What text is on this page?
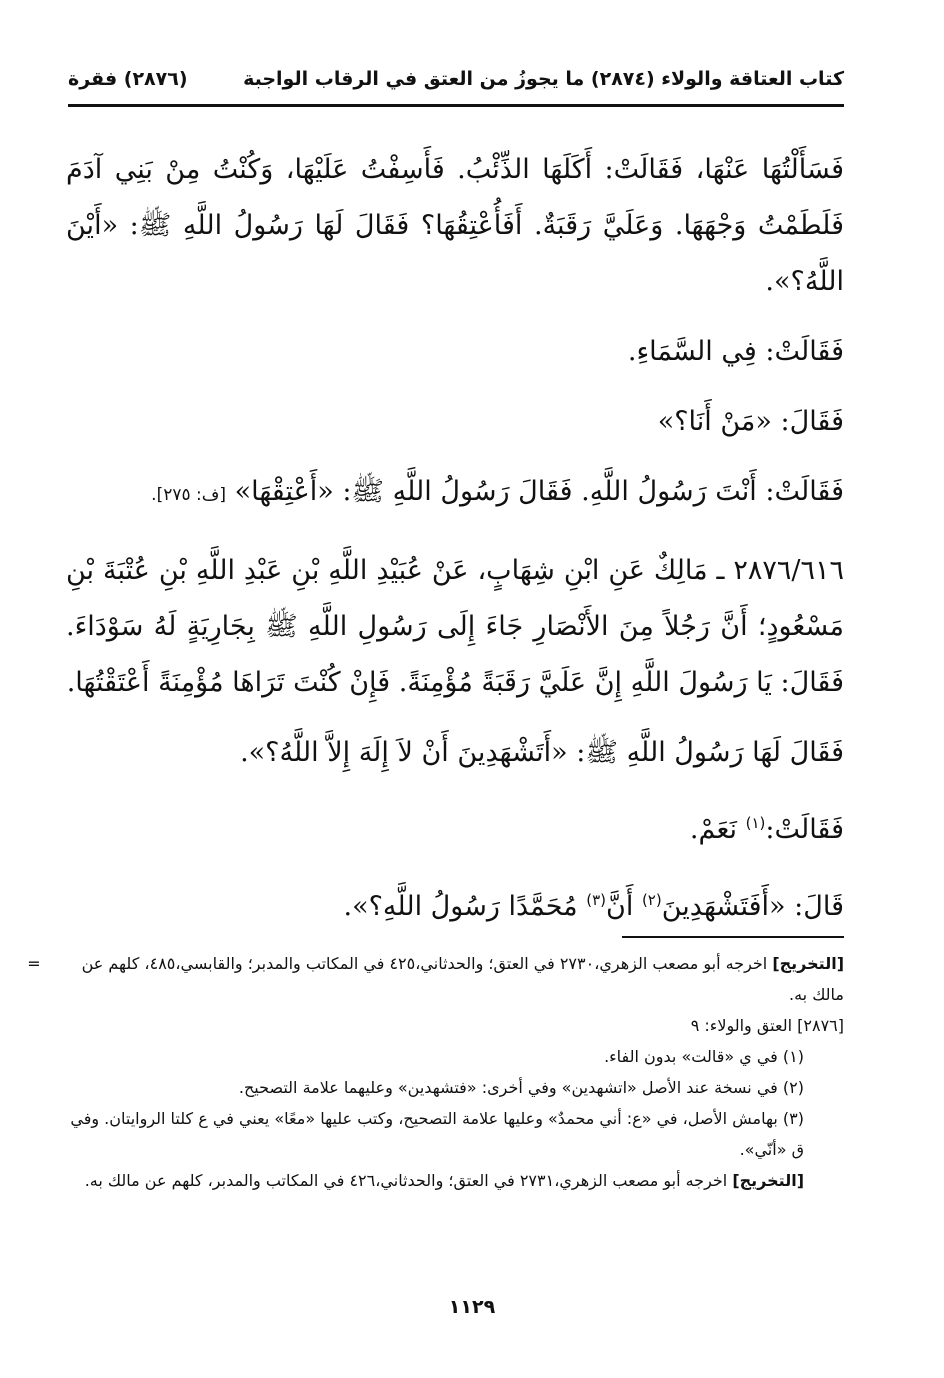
كتاب العتاقة والولاء (٢٨٧٤) ما يجوزُ من العتق في الرقاب الواجبة
(٢٨٧٦) فقرة

فَسَأَلْتُهَا عَنْهَا، فَقَالَتْ: أَكَلَهَا الذِّئْبُ. فَأَسِفْتُ عَلَيْهَا، وَكُنْتُ مِنْ بَنِي آدَمَ فَلَطَمْتُ وَجْهَهَا. وَعَلَيَّ رَقَبَةٌ. أَفَأُعْتِقُهَا؟ فَقَالَ لَهَا رَسُولُ اللَّهِ ﷺ: «أَيْنَ اللَّهُ؟».

فَقَالَتْ: فِي السَّمَاءِ.

فَقَالَ: «مَنْ أَنَا؟»

فَقَالَتْ: أَنْتَ رَسُولُ اللَّهِ. فَقَالَ رَسُولُ اللَّهِ ﷺ: «أَعْتِقْهَا» [ف: ٢٧٥].

٢٨٧٦/٦١٦ ـ مَالِكٌ عَنِ ابْنِ شِهَابٍ، عَنْ عُبَيْدِ اللَّهِ بْنِ عَبْدِ اللَّهِ بْنِ عُتْبَةَ بْنِ مَسْعُودٍ؛ أَنَّ رَجُلاً مِنَ الأَنْصَارِ جَاءَ إِلَى رَسُولِ اللَّهِ ﷺ بِجَارِيَةٍ لَهُ سَوْدَاءَ. فَقَالَ: يَا رَسُولَ اللَّهِ إِنَّ عَلَيَّ رَقَبَةً مُؤْمِنَةً. فَإِنْ كُنْتَ تَرَاهَا مُؤْمِنَةً أَعْتَقْتُهَا.

فَقَالَ لَهَا رَسُولُ اللَّهِ ﷺ: «أَتَشْهَدِينَ أَنْ لاَ إِلَهَ إِلاَّ اللَّهُ؟».

فَقَالَتْ:$^{(١)}$ نَعَمْ.

قَالَ: «أَفَتَشْهَدِينَ$^{(٢)}$ أَنَّ$^{(٣)}$ مُحَمَّدًا رَسُولُ اللَّهِ؟».

=	[التخريج] اخرجه أبو مصعب الزهري،٢٧٣٠ في العتق؛ والحدثاني،٤٢٥ في المكاتب والمدبر؛ والقابسي،٤٨٥، كلهم عن مالك به.

[٢٨٧٦] العتق والولاء: ٩

(١) في ي «قالت» بدون الفاء.

(٢) في نسخة عند الأصل «اتشهدين» وفي أخرى: «فتشهدين» وعليهما علامة التصحيح.

(٣) بهامش الأصل، في «ع: أني محمدٌ» وعليها علامة التصحيح، وكتب عليها «معًا» يعني في ع كلتا الروايتان. وفي ق «أنّي».

[التخريج] اخرجه أبو مصعب الزهري،٢٧٣١ في العتق؛ والحدثاني،٤٢٦ في المكاتب والمدبر، كلهم عن مالك به.

١١٢٩
